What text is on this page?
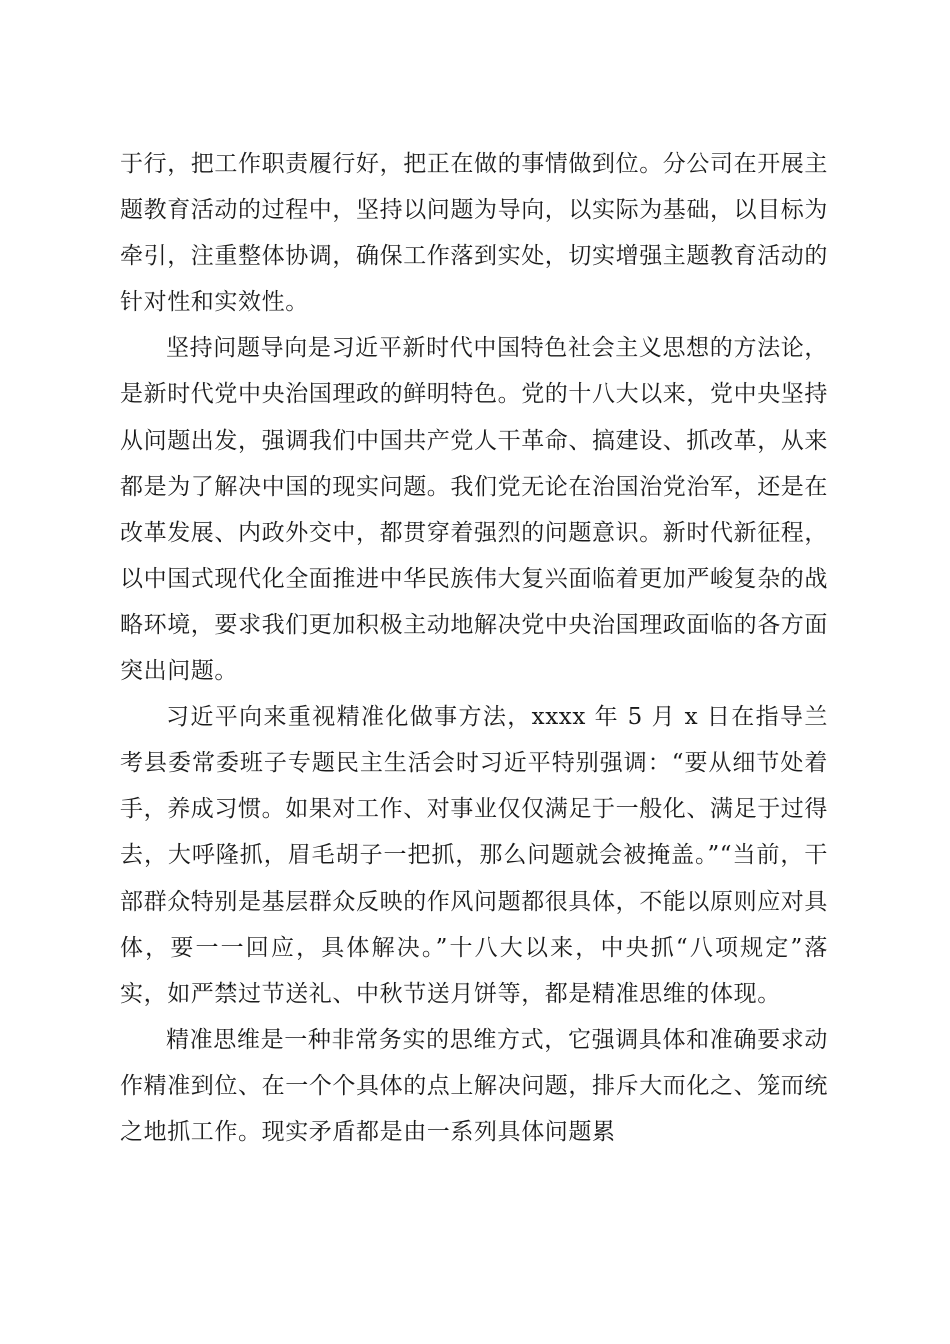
于行，把工作职责履行好，把正在做的事情做到位。分公司在开展主题教育活动的过程中，坚持以问题为导向，以实际为基础，以目标为牵引，注重整体协调，确保工作落到实处，切实增强主题教育活动的针对性和实效性。

坚持问题导向是习近平新时代中国特色社会主义思想的方法论，是新时代党中央治国理政的鲜明特色。党的十八大以来，党中央坚持从问题出发，强调我们中国共产党人干革命、搞建设、抓改革，从来都是为了解决中国的现实问题。我们党无论在治国治党治军，还是在改革发展、内政外交中，都贯穿着强烈的问题意识。新时代新征程，以中国式现代化全面推进中华民族伟大复兴面临着更加严峻复杂的战略环境，要求我们更加积极主动地解决党中央治国理政面临的各方面突出问题。

习近平向来重视精准化做事方法，xxxx 年 5 月 x 日在指导兰考县委常委班子专题民主生活会时习近平特别强调：“要从细节处着手，养成习惯。如果对工作、对事业仅仅满足于一般化、满足于过得去，大呼隆抓，眉毛胡子一把抓，那么问题就会被掩盖。”“当前，干部群众特别是基层群众反映的作风问题都很具体，不能以原则应对具体，要一一回应，具体解决。”十八大以来，中央抓“八项规定”落实，如严禁过节送礼、中秋节送月饼等，都是精准思维的体现。

精准思维是一种非常务实的思维方式，它强调具体和准确要求动作精准到位、在一个个具体的点上解决问题，排斥大而化之、笼而统之地抓工作。现实矛盾都是由一系列具体问题累
